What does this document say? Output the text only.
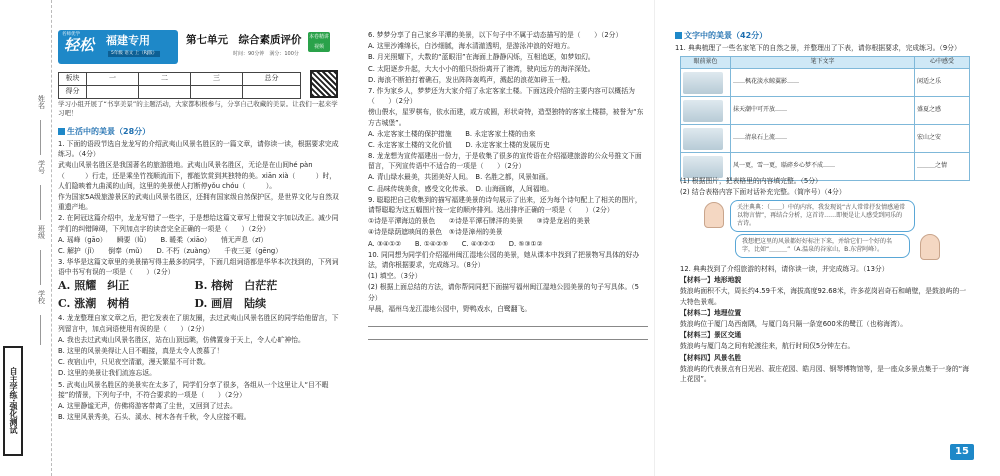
姓名
学号
班级
学校
自主学练·强化测试
名师优学
轻松 福建专用
5年级 语文 上（RJ版）
第七单元　综合素质评价 本卷精讲视频
时间：90分钟　满分：100分
板块	一	二	三	总分
得分				
学习小组开展了“书享美景”的主题活动，大家都积极参与，分享自己收藏的美景。让我们一起来学习吧！

生活中的美景（28分）

1. 下面的语段节选自龙龙写的介绍武夷山风景名胜区的一篇文章，请你读一读，根据要求完成练习。（4分）

武夷山风景名胜区是我国著名的旅游胜地。武夷山风景名胜区，无论是在山间hé pàn（　　　）行走，还是乘坐竹筏顺流而下，都能饮赏到其独特的美。xiān xià（　　　）时，人们隐映着九曲溪的山间，这里的美景使人打断停yǒu chóu（　　　）。

作为国家5A级旅游景区的武夷山风景名胜区，还拥有国家级自然保护区，是世界文化与自然双重遗产地。

2. 在阿冠这篇介绍中，龙龙写错了一些字，于是想给这篇文章写上错误文字加以改正。减少同学们的纠错障碍，下列加点字的读音完全正确的一项是（　　）（2分）

A. 瑶峰（gāo）　　瞬要（lǜ）　　B. 暖柔（xiāo）　　悄无声息（zī）

C. 解护（jǐ）　　倒奉（mǔ）　　D. 不朽（zuàng）　　千夜三更（gēng）

3. 华华是这篇文章里的美景描写得主最多的同学，下面几组词语都是华华本次找到的，下列词语中书写有误的一项是（　　）（2分）

A. 照耀　纠正	B. 榕树　白茫茫
C. 涨潮　树梢	D. 画眉　陆续

4. 龙龙整理自家文章之后，把它发表在了朋友圈，去过武夷山风景名胜区的同学给他留言，下列留言中，加点词语使用有误的是（　　）（2分）

A. 我也去过武夷山风景名胜区，站在山顶远眺，仿佛置身于天上，令人心旷神怡。

B. 这里的风景美得让人目不暇接，真是太令人羡慕了！

C. 夜宿山中，只见夜空清澈，漫天繁星不可计数。

D. 这里的美景让我们流连忘返。

5. 武夷山风景名胜区的美景实在太多了，同学们分享了很多，各组从一个这里让人“目不暇接”的情景，下列句子中，不符合要求的一项是（　　）（2分）

A. 这里静谧无声，仿佛将游客带离了尘世，又回到了过去。

B. 这里风景秀美，石头、溪水、树木各有千秋，令人应接不暇。

6. 梦梦分享了自己家乡平潭的美景，以下句子中不属于动态描写的是（　　）（2分）

A. 这里沙滩绵长，白沙细腻，海水清澈透明，是游泳冲浪的好地方。

B. 月光照耀下，大数的“蓝眼泪”在海面上静静闪烁，互相追逐，如梦如幻。

C. 太阳逐步升起，大大小小的船只纷纷离开了港湾，驶向远方的海洋深处。

D. 海浪不断拍打着礁石，发出阵阵轰鸣声，溅起的浪花如碎玉一般。

7. 作为家乡人，梦梦还为大家介绍了永定客家土楼。下面这段介绍的主要内容可以概括为（　　）（2分）

傍山偎水，星罗棋布，依水而建，或方或圆，形状奇特，造型独特的客家土楼群，被誉为“东方古城堡”。

A. 永定客家土楼的保护措施　　B. 永定客家土楼的由来

C. 永定客家土楼的文化价值　　D. 永定客家土楼的发展历史

8. 龙龙想为宣传福建出一份力，于是收集了很多的宣传语在介绍福建旅游的公众号推文下面留言，下列宣传语中不适合的一项是（　　）（2分）

A. 青山绿水最美，共团美好人间。　B. 名胜之都，风景如画。

C. 品味传统美食，感受文化传承。　D. 山海画廊，人间福地。

9. 聪聪把自己收集到的描写福建美景的诗句展示了出来，还为每个诗句配上了相关的图片，请帮聪聪为这五幅图片按一定的顺序排列。选出排序正确的一项是（　　）（2分）

①诗是平潭海边的景色　　②诗是平潭石牌洋的美景　　③诗是龙岩的美景

④诗是绿荫遮映间的景色　⑤诗是漳州的美景

A. ③④①②　　B. ①④②⑤　　C. ④③②①　　D. ⑤③①②

10. 同同想为同学们介绍福州闽江湿地公园的美景，她从课本中找到了把景物写具体的好办法，请你根据要求，完成练习。（8分）

(1) 填空。（3分）

(2) 根据上面总结的方法，请你帮同同把下面描写福州闽江湿地公园美景的句子写具体。（5分）

早晨，福州乌龙江湿地公园中，野鸭戏水，白鹭翻飞。

文字中的美景（42分）

11. 典典梳理了一些名家笔下的自然之景，并整理出了下表，请你根据要求，完成练习。（9分）

眼前景色	笔下文字	心中感受

	……枫花淡水鲸翼影……	闲适之乐

	抹天潮中可开放……	盛夏之感

	……清泉石上流……	宏山之安

	风一更，雪一更，聒碎乡心梦不成……	＿＿＿之情

(1) 根据图片，把表格里的内容填完整。（5分）

(2) 结合表格内容下面对话补充完整。（简序号）（4分）

关注典典：（＿＿）中的内容，我发现说“古人常常抒发情感通常以物言情”，再结合分析，这首诗……即便是让人感受到同乐的古诗。
我想把这里的风景都好好标注下来，并给它们一个好的名字，比如“＿＿＿”（A.温泉的谷家山，B.东营阿峰）。

12. 典典找到了介绍旅游的材料，请你读一读，并完成练习。（13分）

【材料一】地形地貌

鼓浪屿面积不大，周长约4.59千米，海拔高度92.68米，许多花岗岩奇石和峭壁，是鼓浪屿的一大特色景观。

【材料二】地理位置

鼓浪屿位于厦门岛西南隅，与厦门岛只隔一条宽600米的鹭江（也称海湾）。

【材料三】景区交通

鼓浪屿与厦门岛之间有轮渡往来，航行时间仅5分钟左右。

【材料四】风景名胜

鼓浪屿的代表景点有日光岩、菽庄花园、皓月园、钢琴博物馆等，是一座众多景点集于一身的“海上花园”。

15
